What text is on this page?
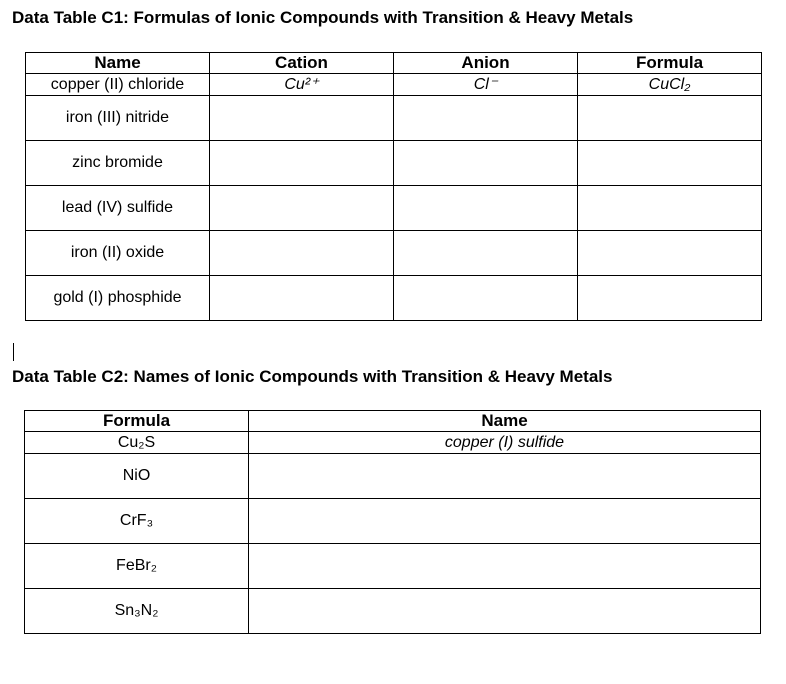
Data Table C1: Formulas of Ionic Compounds with Transition & Heavy Metals
Name	Cation	Anion	Formula
copper (II) chloride	Cu²⁺	Cl⁻	CuCl₂
iron (III) nitride			
zinc bromide			
lead (IV) sulfide			
iron (II) oxide			
gold (I) phosphide			
Data Table C2: Names of Ionic Compounds with Transition & Heavy Metals
Formula	Name
Cu₂S	copper (I) sulfide
NiO	
CrF₃	
FeBr₂	
Sn₃N₂	
